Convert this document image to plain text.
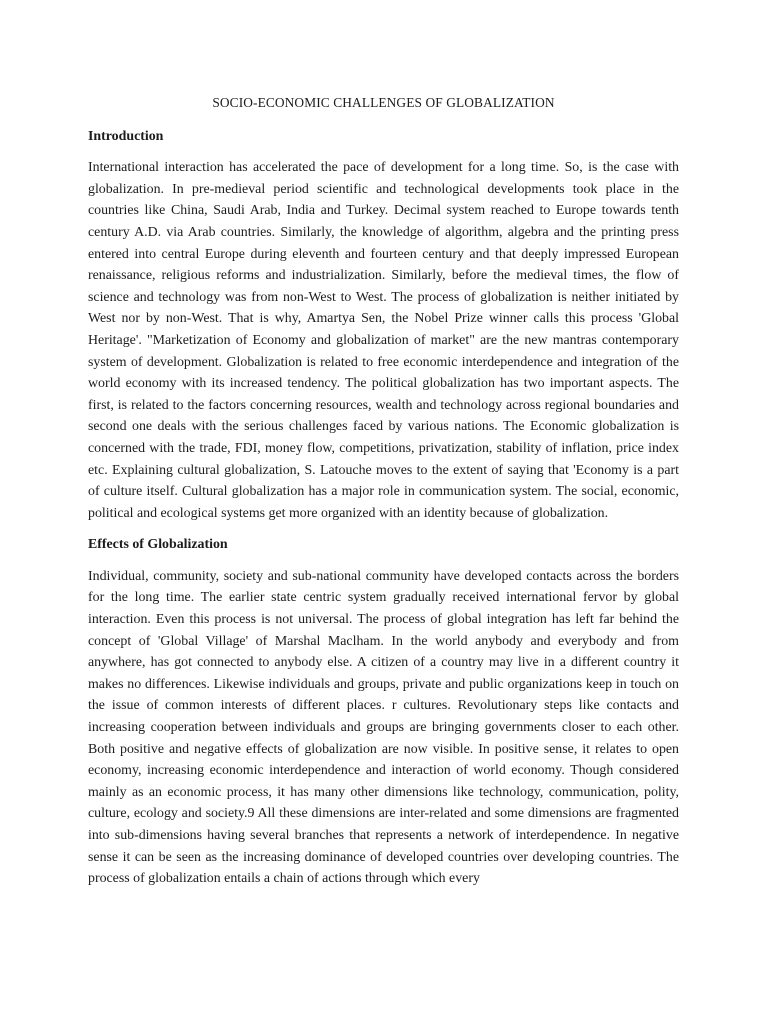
SOCIO-ECONOMIC CHALLENGES OF GLOBALIZATION
Introduction

International interaction has accelerated the pace of development for a long time. So, is the case with globalization. In pre-medieval period scientific and technological developments took place in the countries like China, Saudi Arab, India and Turkey. Decimal system reached to Europe towards tenth century A.D. via Arab countries. Similarly, the knowledge of algorithm, algebra and the printing press entered into central Europe during eleventh and fourteen century and that deeply impressed European renaissance, religious reforms and industrialization. Similarly, before the medieval times, the flow of science and technology was from non-West to West. The process of globalization is neither initiated by West nor by non-West. That is why, Amartya Sen, the Nobel Prize winner calls this process 'Global Heritage'. "Marketization of Economy and globalization of market" are the new mantras contemporary system of development. Globalization is related to free economic interdependence and integration of the world economy with its increased tendency. The political globalization has two important aspects. The first, is related to the factors concerning resources, wealth and technology across regional boundaries and second one deals with the serious challenges faced by various nations. The Economic globalization is concerned with the trade, FDI, money flow, competitions, privatization, stability of inflation, price index etc. Explaining cultural globalization, S. Latouche moves to the extent of saying that 'Economy is a part of culture itself. Cultural globalization has a major role in communication system. The social, economic, political and ecological systems get more organized with an identity because of globalization.

Effects of Globalization

Individual, community, society and sub-national community have developed contacts across the borders for the long time. The earlier state centric system gradually received international fervor by global interaction. Even this process is not universal. The process of global integration has left far behind the concept of 'Global Village' of Marshal Maclham. In the world anybody and everybody and from anywhere, has got connected to anybody else. A citizen of a country may live in a different country it makes no differences. Likewise individuals and groups, private and public organizations keep in touch on the issue of common interests of different places. r cultures. Revolutionary steps like contacts and increasing cooperation between individuals and groups are bringing governments closer to each other. Both positive and negative effects of globalization are now visible. In positive sense, it relates to open economy, increasing economic interdependence and interaction of world economy. Though considered mainly as an economic process, it has many other dimensions like technology, communication, polity, culture, ecology and society.9 All these dimensions are inter-related and some dimensions are fragmented into sub-dimensions having several branches that represents a network of interdependence. In negative sense it can be seen as the increasing dominance of developed countries over developing countries. The process of globalization entails a chain of actions through which every
